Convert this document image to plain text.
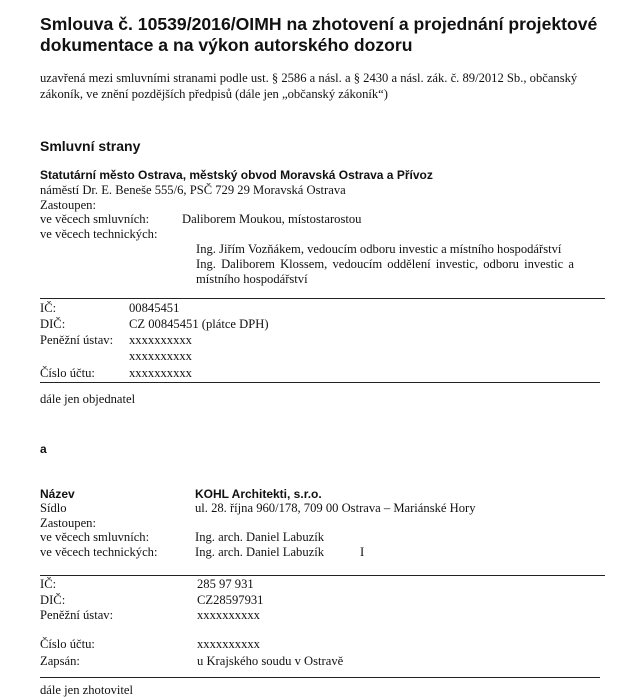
Smlouva č. 10539/2016/OIMH na zhotovení a projednání projektové dokumentace a na výkon autorského dozoru
uzavřená mezi smluvními stranami podle ust. § 2586 a násl. a § 2430 a násl. zák. č. 89/2012 Sb., občanský zákoník, ve znění pozdějších předpisů (dále jen „občanský zákoník“)
Smluvní strany
Statutární město Ostrava, městský obvod Moravská Ostrava a Přívoz
náměstí Dr. E. Beneše 555/6, PSČ 729 29 Moravská Ostrava
Zastoupen:
ve věcech smluvních:	Daliborem Moukou, místostarostou
ve věcech technických:
Ing. Jiřím Vozňákem, vedoucím odboru investic a místního hospodářství
Ing. Daliborem Klossem, vedoucím oddělení investic, odboru investic a
místního hospodářství
IČ:	00845451
DIČ:	CZ 00845451 (plátce DPH)
Peněžní ústav: xxxxxxxxxx
xxxxxxxxxx
Číslo účtu:	xxxxxxxxxx
dále jen objednatel
a
Název	KOHL Architekti, s.r.o.
Sídlo	ul. 28. října 960/178, 709 00 Ostrava – Mariánské Hory
Zastoupen:
ve věcech smluvních:	Ing. arch. Daniel Labuzík
ve věcech technických:	Ing. arch. Daniel Labuzík	I
IČ:	285 97 931
DIČ:	CZ28597931
Peněžní ústav:	xxxxxxxxxx
Číslo účtu:	xxxxxxxxxx
Zapsán:	u Krajského soudu v Ostravě
dále jen zhotovitel
